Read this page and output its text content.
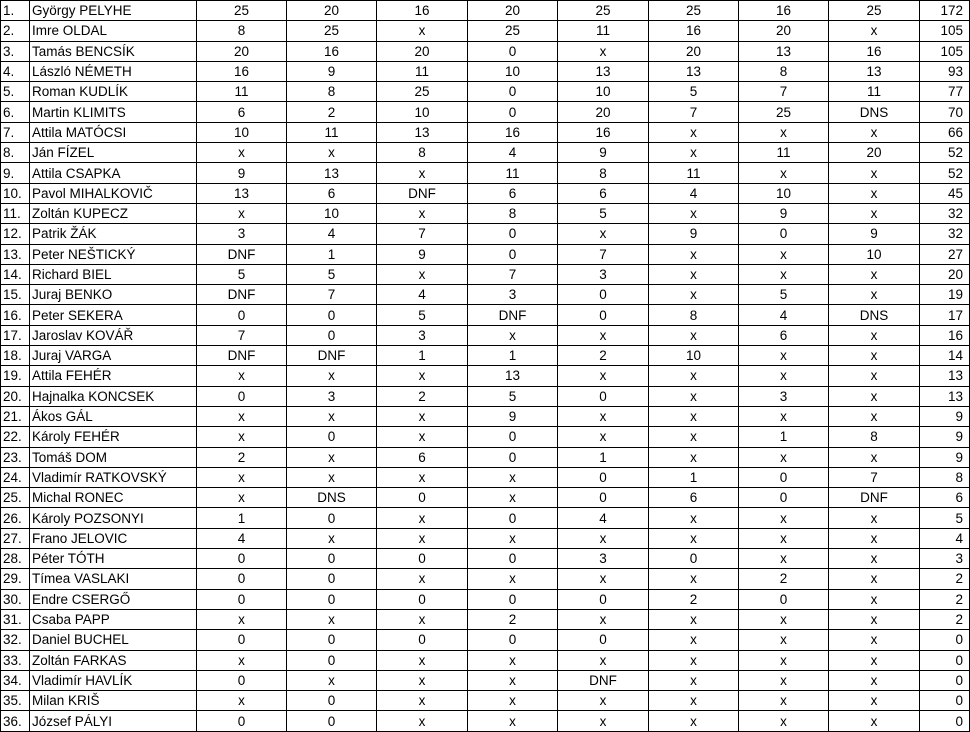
1.	György PELYHE	25	20	16	20	25	25	16	25	172
2.	Imre OLDAL	8	25	x	25	11	16	20	x	105
3.	Tamás BENCSÍK	20	16	20	0	x	20	13	16	105
4.	László NÉMETH	16	9	11	10	13	13	8	13	93
5.	Roman KUDLÍK	11	8	25	0	10	5	7	11	77
6.	Martin KLIMITS	6	2	10	0	20	7	25	DNS	70
7.	Attila MATÓCSI	10	11	13	16	16	x	x	x	66
8.	Ján FÍZEL	x	x	8	4	9	x	11	20	52
9.	Attila CSAPKA	9	13	x	11	8	11	x	x	52
10.	Pavol MIHALKOVIČ	13	6	DNF	6	6	4	10	x	45
11.	Zoltán KUPECZ	x	10	x	8	5	x	9	x	32
12.	Patrik ŽÁK	3	4	7	0	x	9	0	9	32
13.	Peter NEŠTICKÝ	DNF	1	9	0	7	x	x	10	27
14.	Richard BIEL	5	5	x	7	3	x	x	x	20
15.	Juraj BENKO	DNF	7	4	3	0	x	5	x	19
16.	Peter SEKERA	0	0	5	DNF	0	8	4	DNS	17
17.	Jaroslav KOVÁŘ	7	0	3	x	x	x	6	x	16
18.	Juraj VARGA	DNF	DNF	1	1	2	10	x	x	14
19.	Attila FEHÉR	x	x	x	13	x	x	x	x	13
20.	Hajnalka KONCSEK	0	3	2	5	0	x	3	x	13
21.	Ákos GÁL	x	x	x	9	x	x	x	x	9
22.	Károly FEHÉR	x	0	x	0	x	x	1	8	9
23.	Tomáš DOM	2	x	6	0	1	x	x	x	9
24.	Vladimír RATKOVSKÝ	x	x	x	x	0	1	0	7	8
25.	Michal RONEC	x	DNS	0	x	0	6	0	DNF	6
26.	Károly POZSONYI	1	0	x	0	4	x	x	x	5
27.	Frano JELOVIC	4	x	x	x	x	x	x	x	4
28.	Péter TÓTH	0	0	0	0	3	0	x	x	3
29.	Tímea VASLAKI	0	0	x	x	x	x	2	x	2
30.	Endre CSERGŐ	0	0	0	0	0	2	0	x	2
31.	Csaba PAPP	x	x	x	2	x	x	x	x	2
32.	Daniel BUCHEL	0	0	0	0	0	x	x	x	0
33.	Zoltán FARKAS	x	0	x	x	x	x	x	x	0
34.	Vladimír HAVLÍK	0	x	x	x	DNF	x	x	x	0
35.	Milan KRIŠ	x	0	x	x	x	x	x	x	0
36.	József PÁLYI	0	0	x	x	x	x	x	x	0
